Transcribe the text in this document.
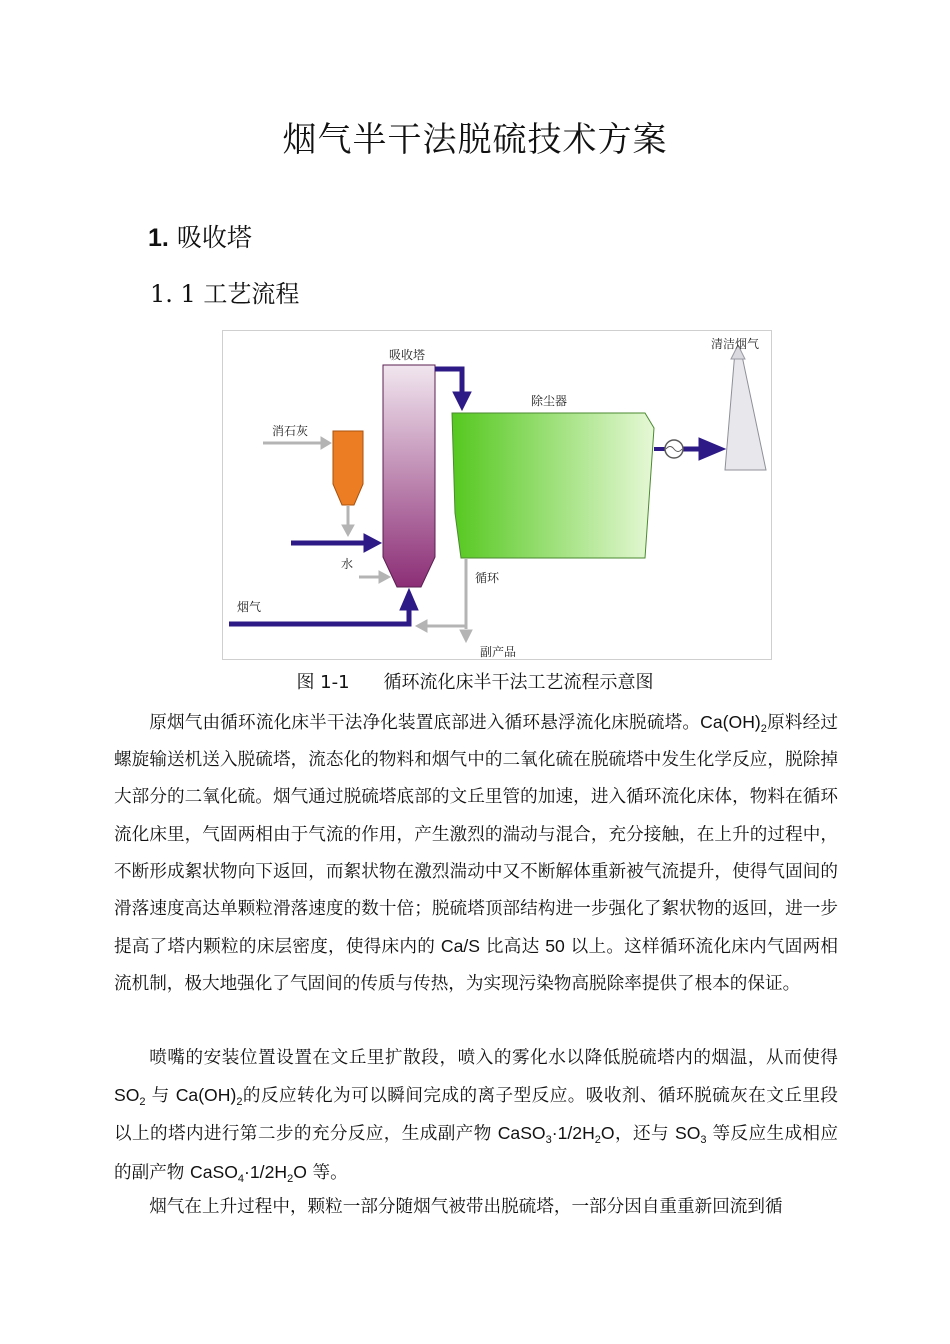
烟气半干法脱硫技术方案
1. 吸收塔
1. 1 工艺流程
吸收塔
清洁烟气
除尘器
消石灰
水
烟气
循环
副产品
图 1-1 循环流化床半干法工艺流程示意图

原烟气由循环流化床半干法净化装置底部进入循环悬浮流化床脱硫塔。$Ca(OH)_2$原料经过螺旋输送机送入脱硫塔，流态化的物料和烟气中的二氧化硫在脱硫塔中发生化学反应，脱除掉大部分的二氧化硫。烟气通过脱硫塔底部的文丘里管的加速，进入循环流化床体，物料在循环流化床里，气固两相由于气流的作用，产生激烈的湍动与混合，充分接触，在上升的过程中，不断形成絮状物向下返回，而絮状物在激烈湍动中又不断解体重新被气流提升，使得气固间的滑落速度高达单颗粒滑落速度的数十倍；脱硫塔顶部结构进一步强化了絮状物的返回，进一步提高了塔内颗粒的床层密度，使得床内的 Ca/S 比高达 50 以上。这样循环流化床内气固两相流机制，极大地强化了气固间的传质与传热，为实现污染物高脱除率提供了根本的保证。

喷嘴的安装位置设置在文丘里扩散段，喷入的雾化水以降低脱硫塔内的烟温，从而使得 $SO_2$ 与 $Ca(OH)_2$的反应转化为可以瞬间完成的离子型反应。吸收剂、循环脱硫灰在文丘里段以上的塔内进行第二步的充分反应，生成副产物 $CaSO_3\cdot 1/2H_2O$，还与 $SO_3$ 等反应生成相应的副产物 $CaSO_4\cdot 1/2H_2O$ 等。

烟气在上升过程中，颗粒一部分随烟气被带出脱硫塔，一部分因自重重新回流到循
